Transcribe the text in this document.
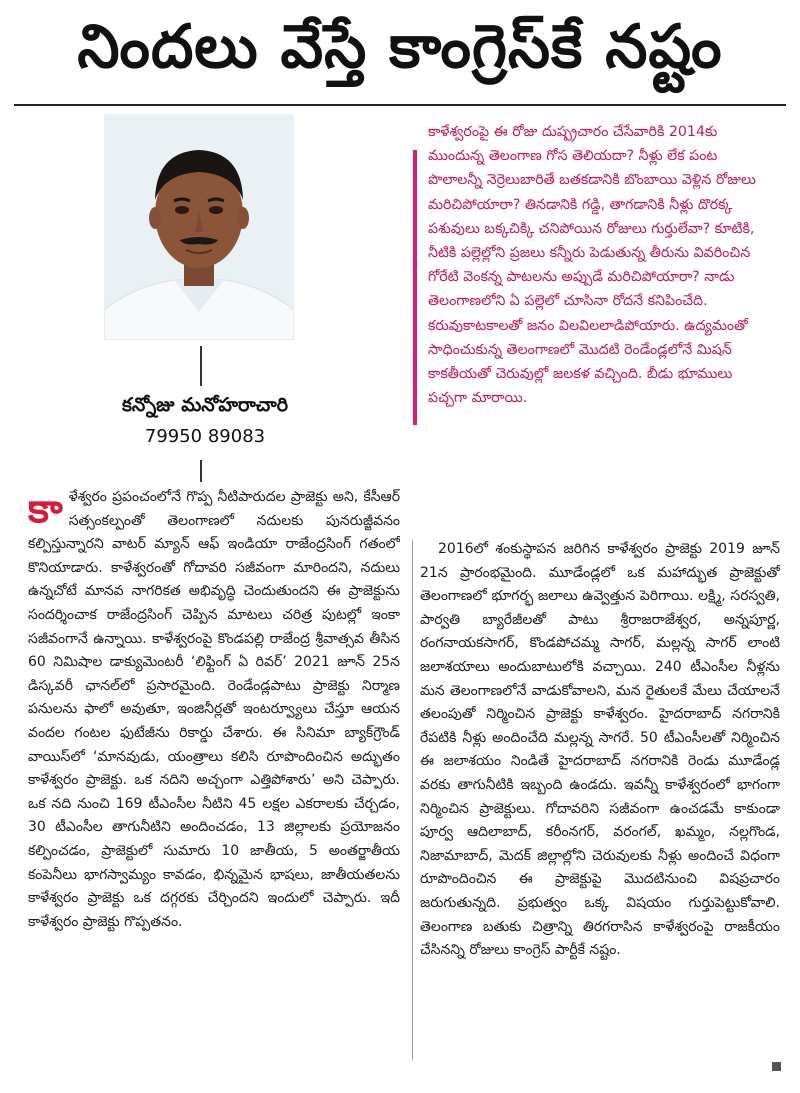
నిందలు వేస్తే కాంగ్రెస్‌కే నష్టం
కన్నోజు మనోహరాచారి
79950 89083

కాళేశ్వరంపై ఈ రోజు దుష్ప్రచారం చేసేవారికి 2014కు ముందున్న తెలంగాణ గోస తెలియదా? నీళ్లు లేక పంట పొలాలన్నీ నెర్రెలుబారితే బతకడానికి బొంబాయి వెళ్లిన రోజులు మరిచిపోయారా? తినడానికి గడ్డి, తాగడానికి నీళ్లు దొరక్క పశువులు బక్కచిక్కి చనిపోయిన రోజులు గుర్తులేవా? కూటికి, నీటికి పల్లెల్లోని ప్రజలు కన్నీరు పెడుతున్న తీరును వివరించిన గోరేటి వెంకన్న పాటలను అప్పుడే మరిచిపోయారా? నాడు తెలంగాణలోని ఏ పల్లెలో చూసినా రోదనే కనిపించేది. కరువుకాటకాలతో జనం విలవిలలాడిపోయారు. ఉద్యమంతో సాధించుకున్న తెలంగాణలో మొదటి రెండేండ్లలోనే మిషన్‌ కాకతీయతో చెరువుల్లో జలకళ వచ్చింది. బీడు భూములు పచ్చగా మారాయి.

కాళేశ్వరం ప్రపంచంలోనే గొప్ప నీటిపారుదల ప్రాజెక్టు అని, కేసీఆర్‌ సత్సంకల్పంతో తెలంగాణలో నదులకు పునరుజ్జీవనం కల్పిస్తున్నారని వాటర్‌ మ్యాన్‌ ఆఫ్‌ ఇండియా రాజేంద్రసింగ్‌ గతంలో కొనియాడారు. కాళేశ్వరంతో గోదావరి సజీవంగా మారిందని, నదులు ఉన్నచోటే మానవ నాగరికత అభివృద్ధి చెందుతుందని ఈ ప్రాజెక్టును సందర్శించాక రాజేంద్రసింగ్‌ చెప్పిన మాటలు చరిత్ర పుటల్లో ఇంకా సజీవంగానే ఉన్నాయి. కాళేశ్వరంపై కొండపల్లి రాజేంద్ర శ్రీవాత్సవ తీసిన 60 నిమిషాల డాక్యుమెంటరీ ‘లిఫ్టింగ్‌ ఏ రివర్‌’ 2021 జూన్‌ 25న డిస్కవరీ ఛానల్‌లో ప్రసారమైంది. రెండేండ్లపాటు ప్రాజెక్టు నిర్మాణ పనులను ఫాలో అవుతూ, ఇంజినీర్లతో ఇంటర్వ్యూలు చేస్తూ ఆయన వందల గంటల ఫుటేజీను రికార్డు చేశారు. ఈ సినిమా బ్యాక్‌గ్రౌండ్‌ వాయిస్‌లో ‘మానవుడు, యంత్రాలు కలిసి రూపొందించిన అద్భుతం కాళేశ్వరం ప్రాజెక్టు. ఒక నదిని అచ్చంగా ఎత్తిపోశారు’ అని చెప్పారు. ఒక నది నుంచి 169 టీఎంసీల నీటిని 45 లక్షల ఎకరాలకు చేర్చడం, 30 టీఎంసీల తాగునీటిని అందించడం, 13 జిల్లాలకు ప్రయోజనం కల్పించడం, ప్రాజెక్టులో సుమారు 10 జాతీయ, 5 అంతర్జాతీయ కంపెనీలు భాగస్వామ్యం కావడం, భిన్నమైన భాషలు, జాతీయతలను కాళేశ్వరం ప్రాజెక్టు ఒక దగ్గరకు చేర్చిందని ఇందులో చెప్పారు. ఇదీ కాళేశ్వరం ప్రాజెక్టు గొప్పతనం.

2016లో శంకుస్థాపన జరిగిన కాళేశ్వరం ప్రాజెక్టు 2019 జూన్‌ 21న ప్రారంభమైంది. మూడేండ్లలో ఒక మహాద్భుత ప్రాజెక్టుతో తెలంగాణలో భూగర్భ జలాలు ఉవ్వెత్తున పెరిగాయి. లక్ష్మి, సరస్వతి, పార్వతి బ్యారేజీలతో పాటు శ్రీరాజరాజేశ్వర, అన్నపూర్ణ, రంగనాయకసాగర్‌, కొండపోచమ్మ సాగర్‌, మల్లన్న సాగర్‌ లాంటి జలాశయాలు అందుబాటులోకి వచ్చాయి. 240 టీఎంసీల నీళ్లను మన తెలంగాణలోనే వాడుకోవాలని, మన రైతులకే మేలు చేయాలనే తలంపుతో నిర్మించిన ప్రాజెక్టు కాళేశ్వరం. హైదరాబాద్‌ నగరానికి రేపటికి నీళ్లు అందించేది మల్లన్న సాగరే. 50 టీఎంసీలతో నిర్మించిన ఈ జలాశయం నిండితే హైదరాబాద్‌ నగరానికి రెండు మూడేండ్ల వరకు తాగునీటికి ఇబ్బంది ఉండదు. ఇవన్నీ కాళేశ్వరంలో భాగంగా నిర్మించిన ప్రాజెక్టులు. గోదావరిని సజీవంగా ఉంచడమే కాకుండా పూర్వ ఆదిలాబాద్‌, కరీంనగర్‌, వరంగల్‌, ఖమ్మం, నల్లగొండ, నిజామాబాద్‌, మెదక్‌ జిల్లాల్లోని చెరువులకు నీళ్లు అందించే విధంగా రూపొందించిన ఈ ప్రాజెక్టుపై మొదటినుంచి విషప్రచారం జరుగుతున్నది. ప్రభుత్వం ఒక్క విషయం గుర్తుపెట్టుకోవాలి. తెలంగాణ బతుకు చిత్రాన్ని తిరగరాసిన కాళేశ్వరంపై రాజకీయం చేసినన్ని రోజులు కాంగ్రెస్‌ పార్టీకే నష్టం.
